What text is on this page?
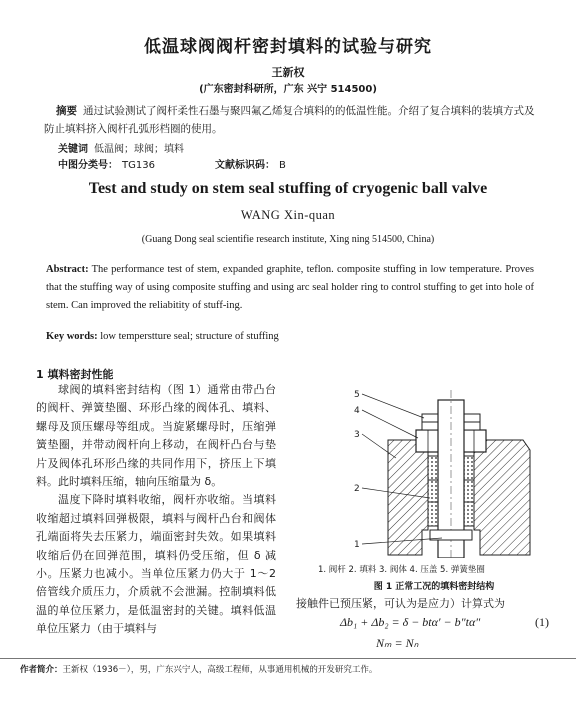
低温球阀阀杆密封填料的试验与研究
王新权
(广东密封科研所，广东 兴宁 514500)
摘要 通过试验测试了阀杆柔性石墨与聚四氟乙烯复合填料的的低温性能。介绍了复合填料的装填方式及防止填料挤入阀杆孔弧形档圈的使用。
关键词 低温阀；球阀；填料
中图分类号： TG136	文献标识码： B
Test and study on stem seal stuffing of cryogenic ball valve
WANG Xin-quan
(Guang Dong seal scientifie research institute, Xing ning 514500, China)
Abstract: The performance test of stem, expanded graphite, teflon. composite stuffing in low temperature. Proves that the stuffing way of using composite stuffing and using arc seal holder ring to control stuffing to get into hole of stem. Can improved the reliabitity of stuff-ing.
Key words: low temperstture seal; structure of stuffing
1 填料密封性能

球阀的填料密封结构（图 1）通常由带凸台的阀杆、弹簧垫圈、环形凸缘的阀体孔、填料、螺母及顶压螺母等组成。当旋紧螺母时，压缩弹簧垫圈，并带动阀杆向上移动，在阀杆凸台与垫片及阀体孔环形凸缘的共同作用下，挤压上下填料。此时填料压缩，轴向压缩量为 δ。

温度下降时填料收缩，阀杆亦收缩。当填料收缩超过填料回弹极限，填料与阀杆凸台和阀体孔端面将失去压紧力，端面密封失效。如果填料收缩后仍在回弹范围，填料仍受压缩，但 δ 减小。压紧力也减小。当单位压紧力仍大于 1～2 倍管线介质压力，介质就不会泄漏。控制填料低温的单位压紧力，是低温密封的关键。填料低温单位压紧力（由于填料与

5
4
3
2
1
1. 阀杆 2. 填料 3. 阀体 4. 压盖 5. 弹簧垫圈
图 1 正常工况的填料密封结构
接触件已预压紧，可认为是应力）计算式为
Δb₁ + Δb₂ = δ − btα′ − b″tα″	(1)
Nₘ = Nₙ
作者简介：王新权（1936－），男，广东兴宁人，高级工程师，从事通用机械的开发研究工作。
